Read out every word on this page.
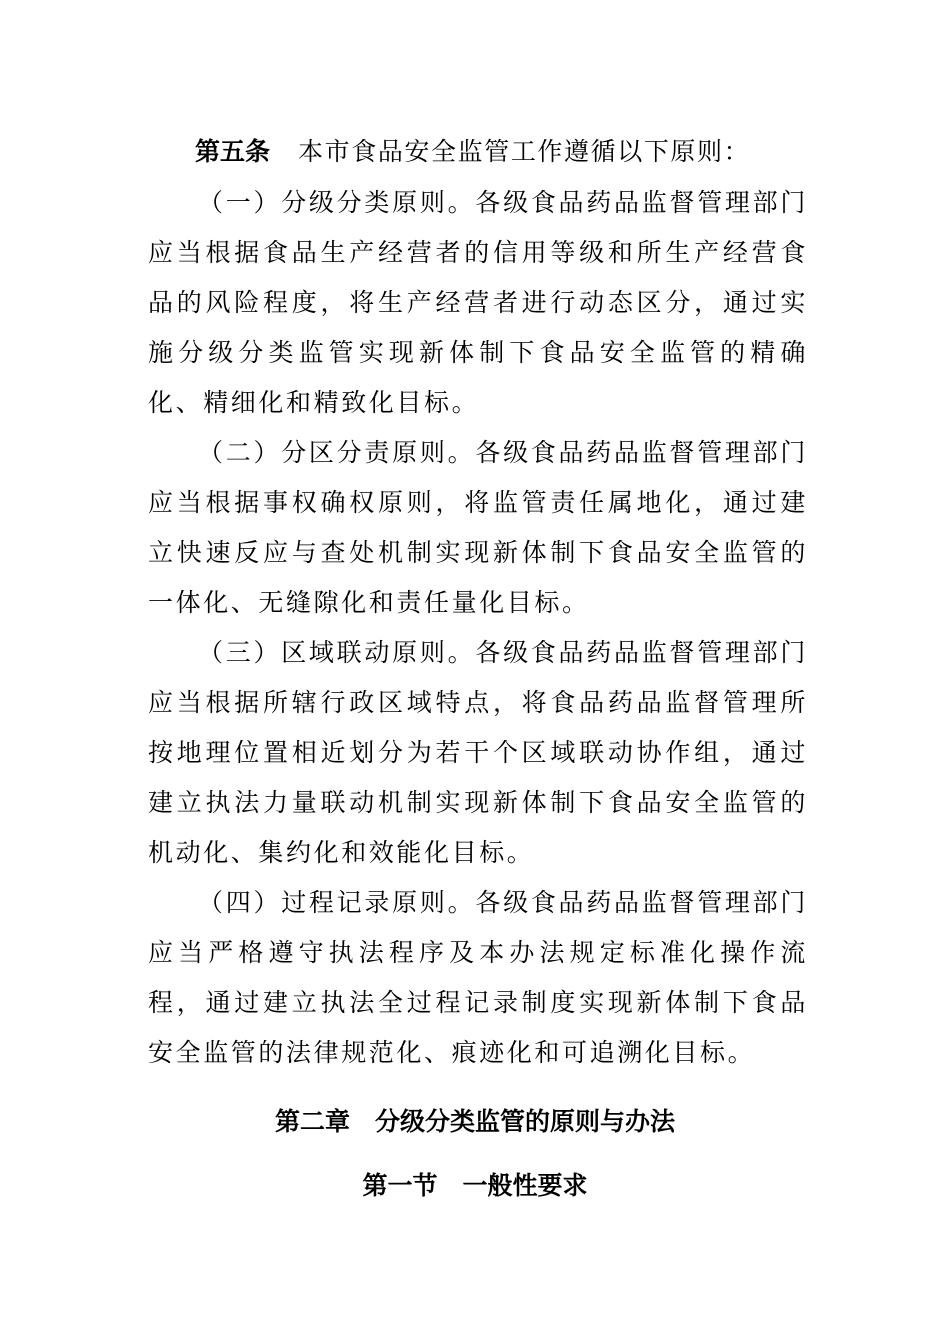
第五条 本市食品安全监管工作遵循以下原则：

（一）分级分类原则。各级食品药品监督管理部门应当根据食品生产经营者的信用等级和所生产经营食品的风险程度，将生产经营者进行动态区分，通过实施分级分类监管实现新体制下食品安全监管的精确化、精细化和精致化目标。

（二）分区分责原则。各级食品药品监督管理部门应当根据事权确权原则，将监管责任属地化，通过建立快速反应与查处机制实现新体制下食品安全监管的一体化、无缝隙化和责任量化目标。

（三）区域联动原则。各级食品药品监督管理部门应当根据所辖行政区域特点，将食品药品监督管理所按地理位置相近划分为若干个区域联动协作组，通过建立执法力量联动机制实现新体制下食品安全监管的机动化、集约化和效能化目标。

（四）过程记录原则。各级食品药品监督管理部门应当严格遵守执法程序及本办法规定标准化操作流程，通过建立执法全过程记录制度实现新体制下食品安全监管的法律规范化、痕迹化和可追溯化目标。

第二章　分级分类监管的原则与办法
第一节　一般性要求
